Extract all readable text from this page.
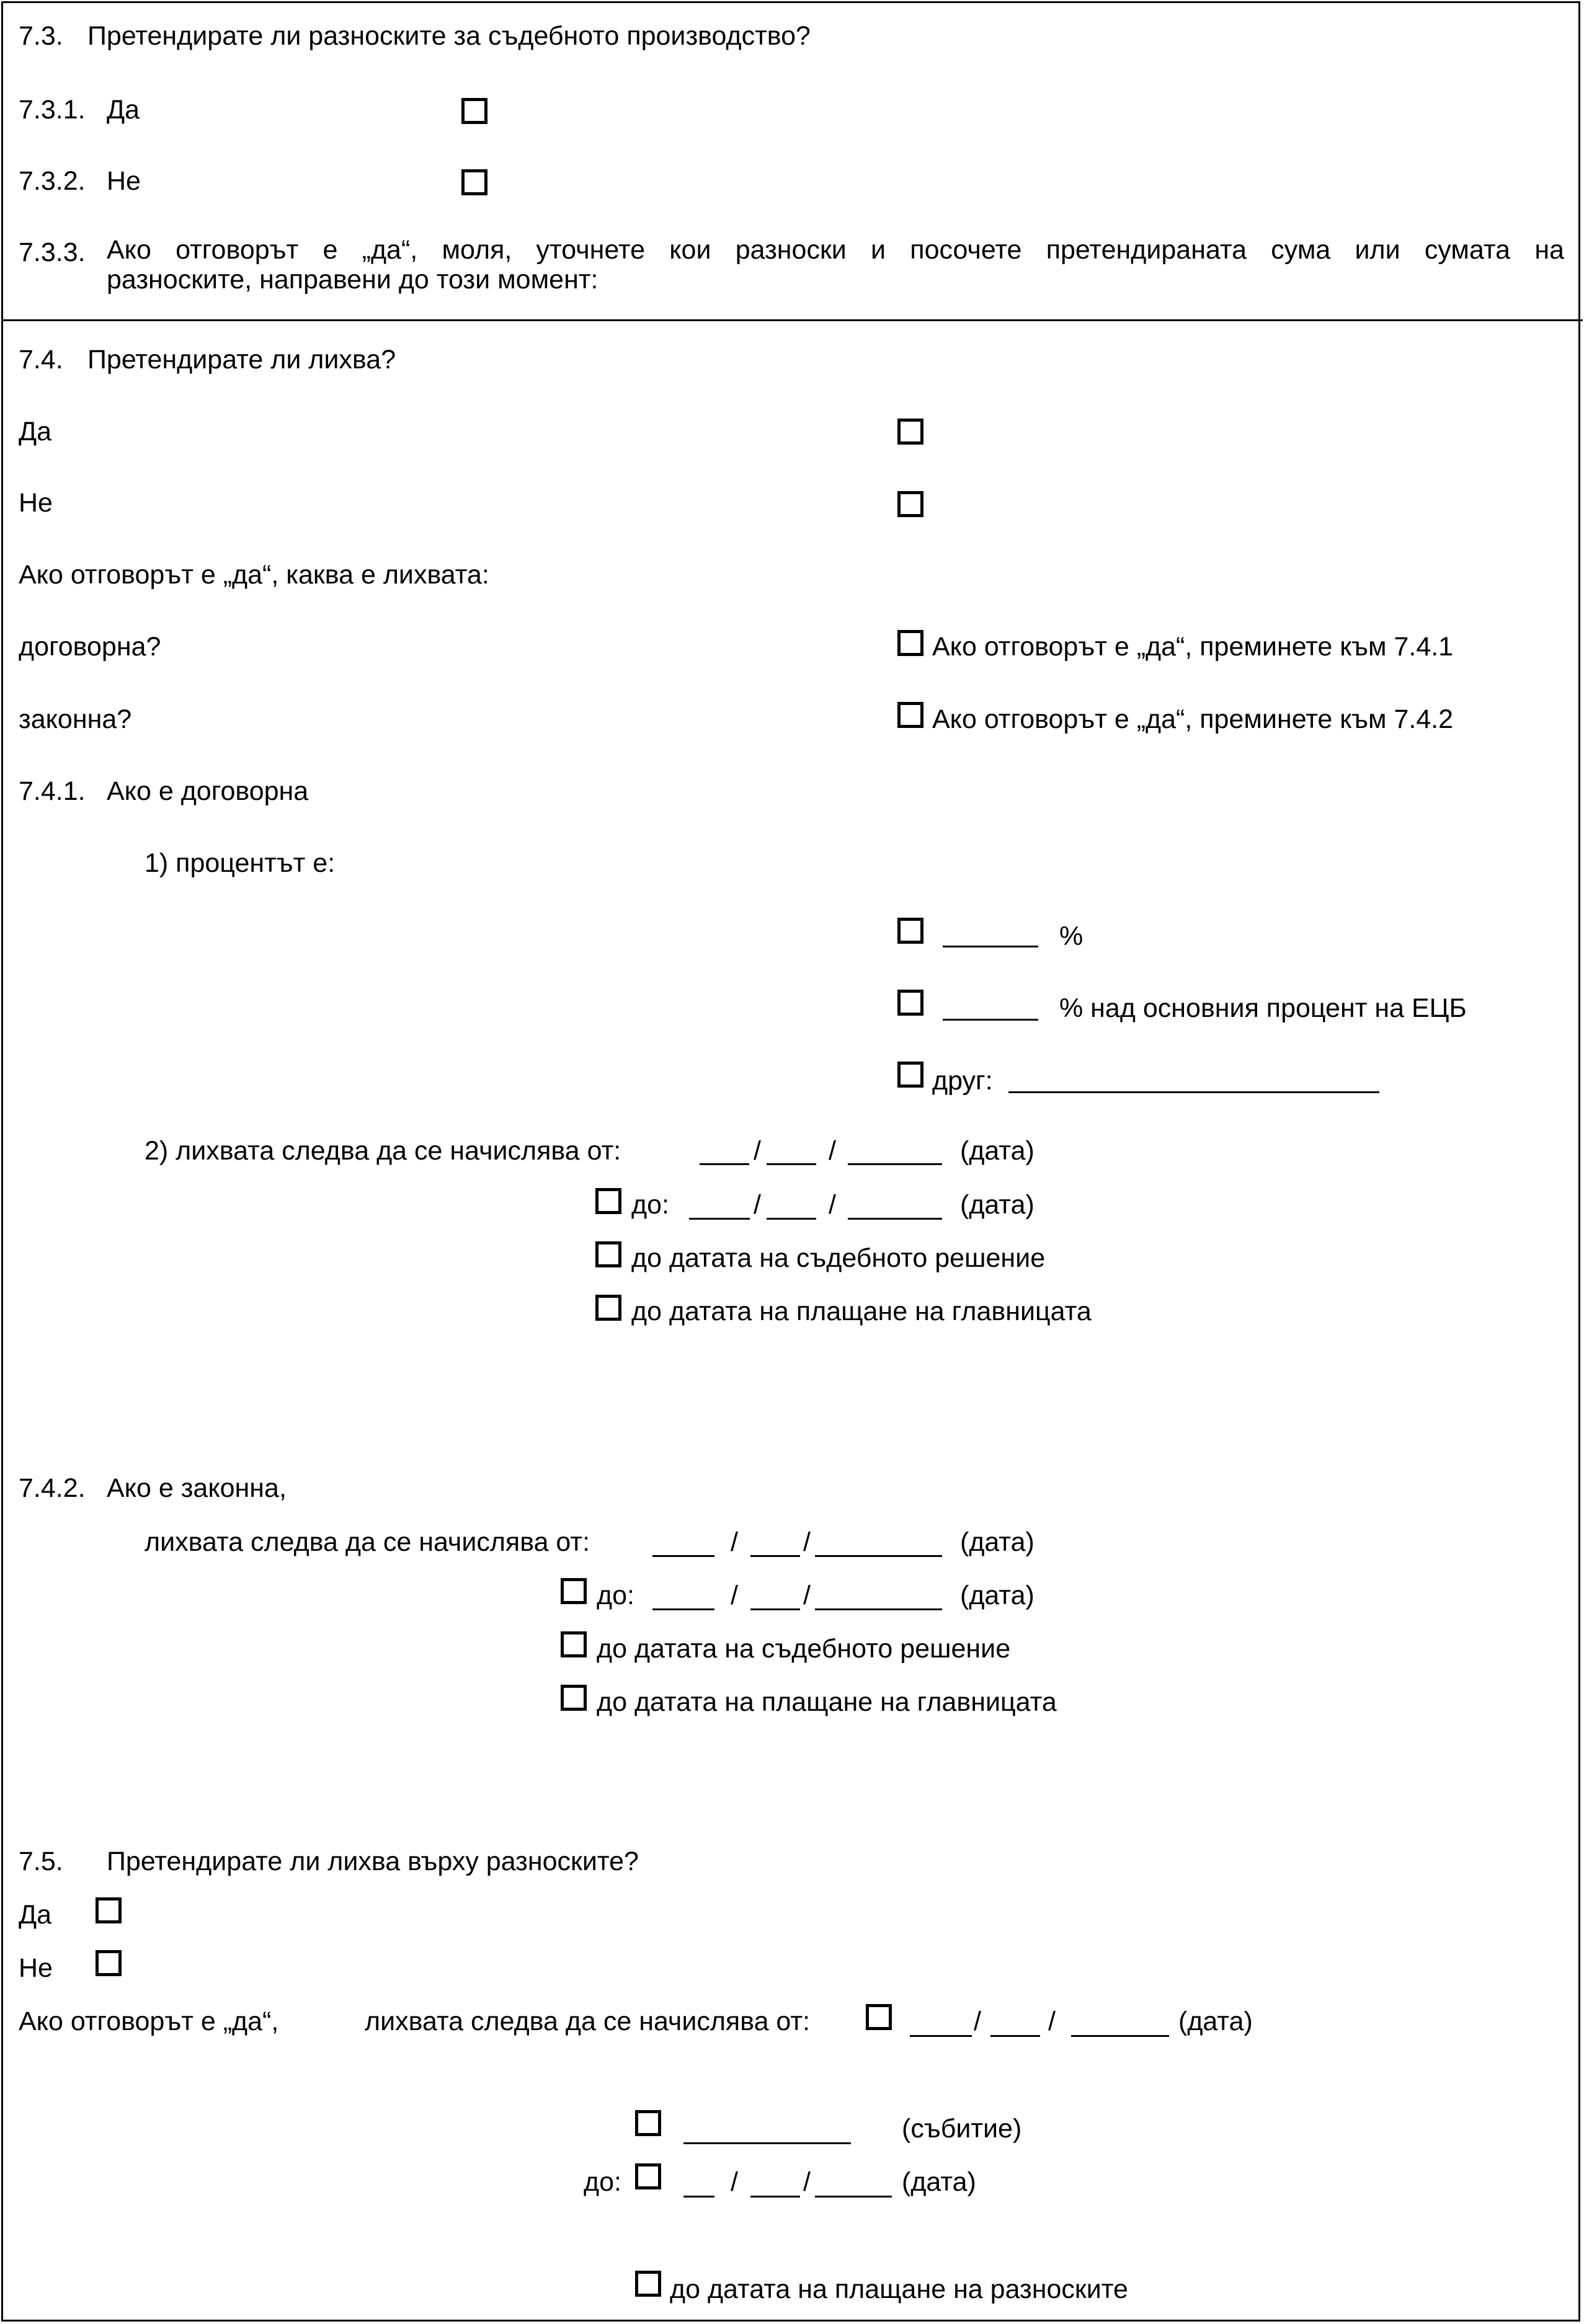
7.3. Претендирате ли разноските за съдебното производство?
7.3.1. Да
7.3.2. Не
7.3.3. Ако отговорът е „да“, моля, уточнете кои разноски и посочете претендираната сума или сумата на
разноските, направени до този момент:
7.4. Претендирате ли лихва?
Да
Не
Ако отговорът е „да“, каква е лихвата:
договорна?	Ако отговорът е „да“, преминете към 7.4.1
законна?	Ако отговорът е „да“, преминете към 7.4.2
7.4.1. Ако е договорна
1) процентът е:
%
% над основния процент на ЕЦБ
друг:
2) лихвата следва да се начислява от:	/	/	(дата)
до:	/	/	(дата)
до датата на съдебното решение
до датата на плащане на главницата
7.4.2. Ако е законна,
лихвата следва да се начислява от:	/ /	(дата)
до:	/ /	(дата)
до датата на съдебното решение
до датата на плащане на главницата
7.5. Претендирате ли лихва върху разноските?
Да
Не
Ако отговорът е „да“,	лихвата следва да се начислява от:	/	/	(дата)
(събитие)
до:	/ /	(дата)
до датата на плащане на разноските
